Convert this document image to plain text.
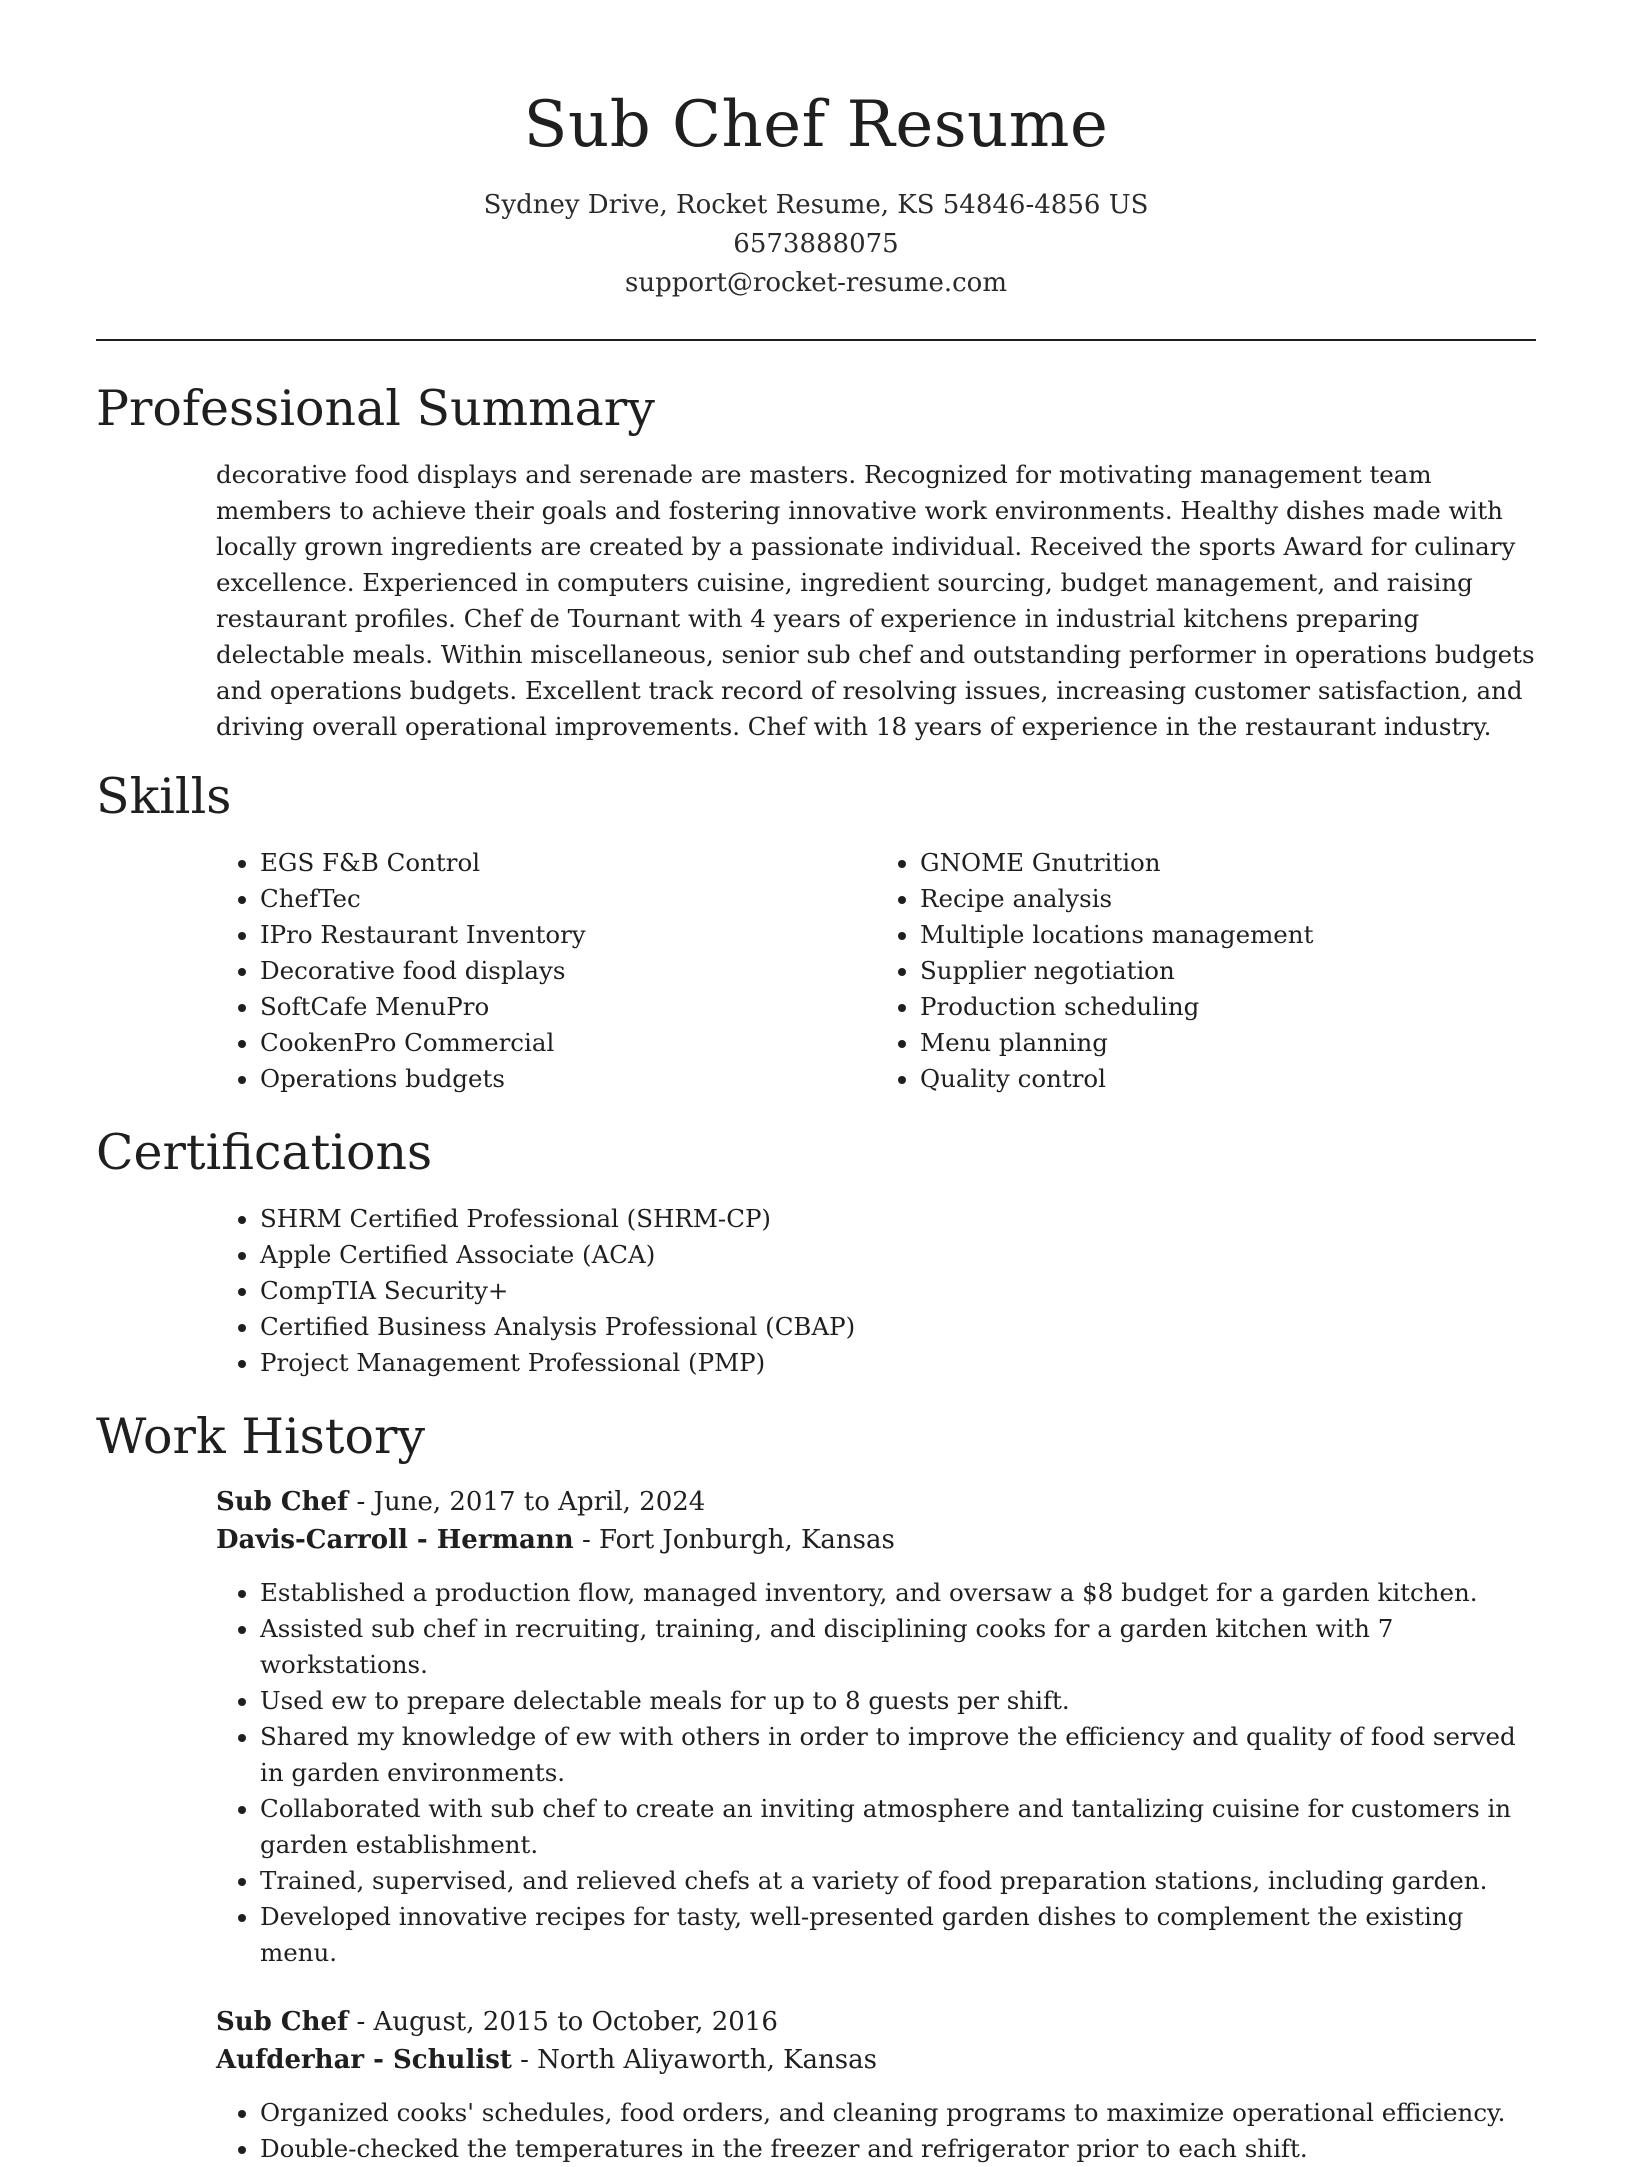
Sub Chef Resume
Sydney Drive, Rocket Resume, KS 54846-4856 US
6573888075
support@rocket-resume.com
Professional Summary

decorative food displays and serenade are masters. Recognized for motivating management team members to achieve their goals and fostering innovative work environments. Healthy dishes made with locally grown ingredients are created by a passionate individual. Received the sports Award for culinary excellence. Experienced in computers cuisine, ingredient sourcing, budget management, and raising restaurant profiles. Chef de Tournant with 4 years of experience in industrial kitchens preparing delectable meals. Within miscellaneous, senior sub chef and outstanding performer in operations budgets and operations budgets. Excellent track record of resolving issues, increasing customer satisfaction, and driving overall operational improvements. Chef with 18 years of experience in the restaurant industry.

Skills
• EGS F&B Control
• ChefTec
• IPro Restaurant Inventory
• Decorative food displays
• SoftCafe MenuPro
• CookenPro Commercial
• Operations budgets
• GNOME Gnutrition
• Recipe analysis
• Multiple locations management
• Supplier negotiation
• Production scheduling
• Menu planning
• Quality control
Certifications
• SHRM Certified Professional (SHRM-CP)
• Apple Certified Associate (ACA)
• CompTIA Security+
• Certified Business Analysis Professional (CBAP)
• Project Management Professional (PMP)
Work History
Sub Chef - June, 2017 to April, 2024
Davis-Carroll - Hermann - Fort Jonburgh, Kansas
• Established a production flow, managed inventory, and oversaw a $8 budget for a garden kitchen.
• Assisted sub chef in recruiting, training, and disciplining cooks for a garden kitchen with 7 workstations.
• Used ew to prepare delectable meals for up to 8 guests per shift.
• Shared my knowledge of ew with others in order to improve the efficiency and quality of food served in garden environments.
• Collaborated with sub chef to create an inviting atmosphere and tantalizing cuisine for customers in garden establishment.
• Trained, supervised, and relieved chefs at a variety of food preparation stations, including garden.
• Developed innovative recipes for tasty, well-presented garden dishes to complement the existing menu.
Sub Chef - August, 2015 to October, 2016
Aufderhar - Schulist - North Aliyaworth, Kansas
• Organized cooks' schedules, food orders, and cleaning programs to maximize operational efficiency.
• Double-checked the temperatures in the freezer and refrigerator prior to each shift.
